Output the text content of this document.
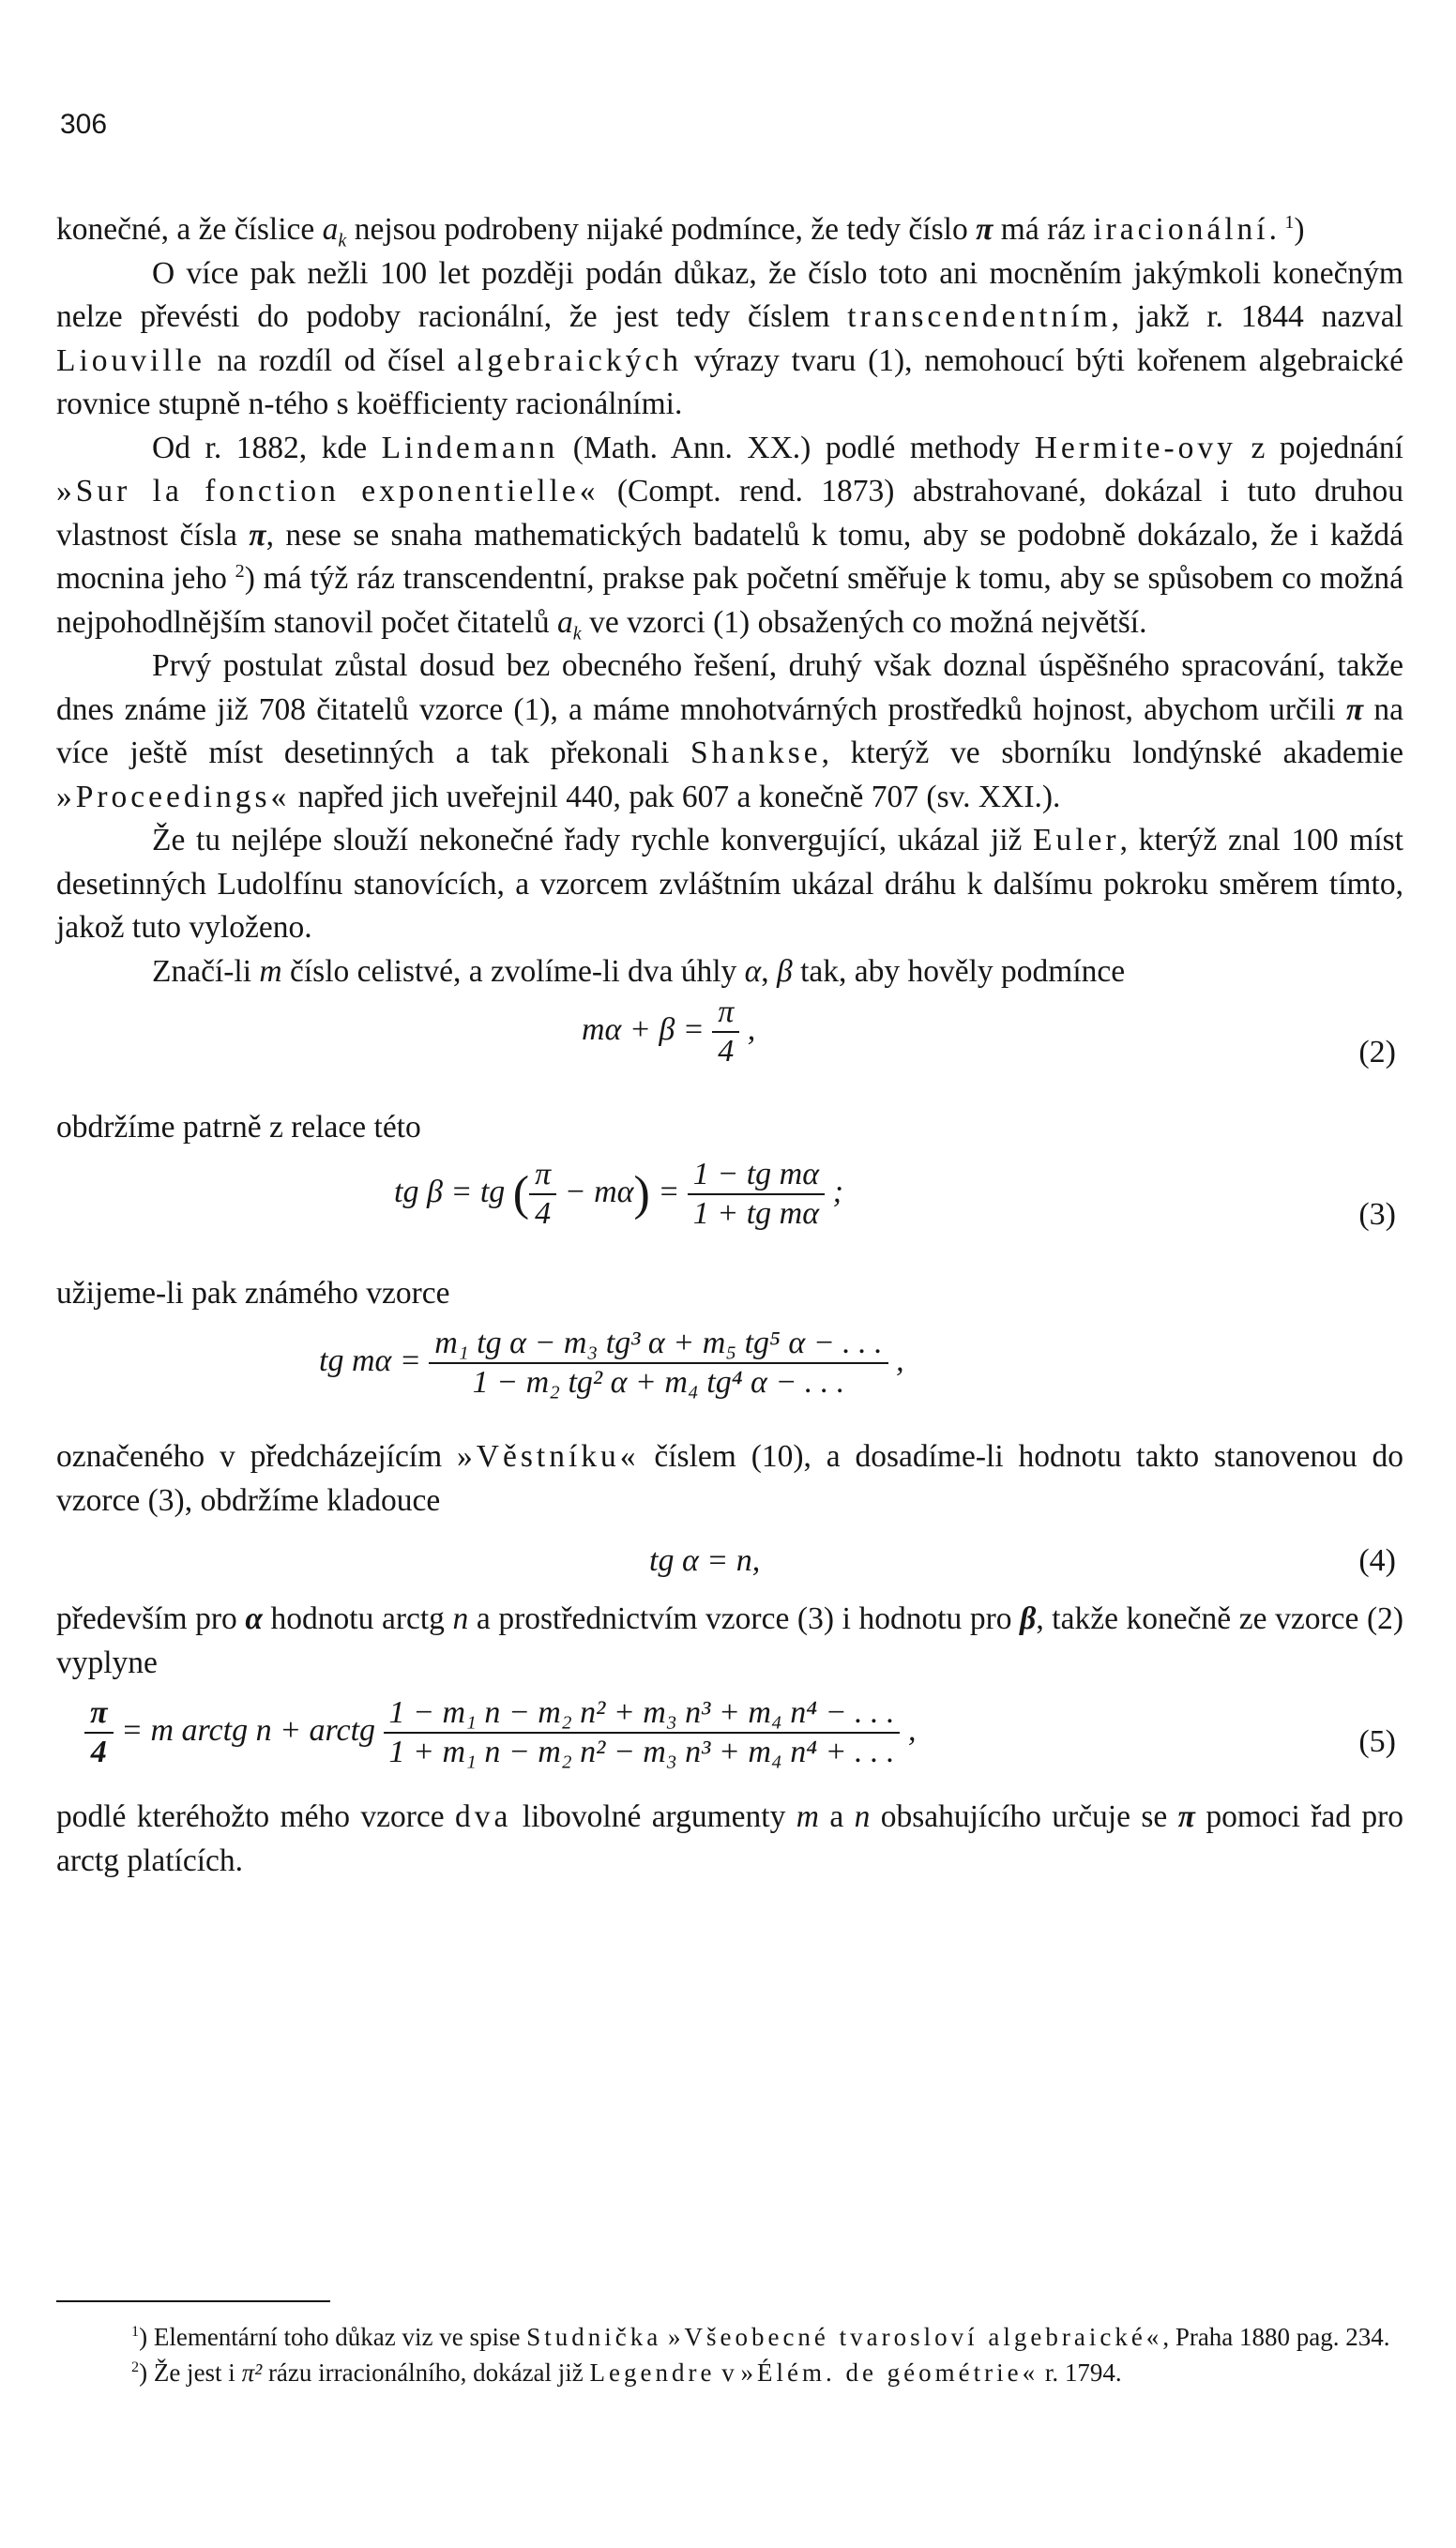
306

konečné, a že číslice $a_k$ nejsou podrobeny nijaké podmínce, že tedy číslo π má ráz iracionální. $^1$)

O více pak nežli 100 let později podán důkaz, že číslo toto ani mocněním jakýmkoli konečným nelze převésti do podoby racionální, že jest tedy číslem transcendentním, jakž r. 1844 nazval Liouville na rozdíl od čísel algebraických výrazy tvaru (1), nemohoucí býti kořenem algebraické rovnice stupně n-tého s koëfficienty racionálními.

Od r. 1882, kde Lindemann (Math. Ann. XX.) podlé methody Hermite-ovy z pojednání »Sur la fonction exponentielle« (Compt. rend. 1873) abstrahované, dokázal i tuto druhou vlastnost čísla π, nese se snaha mathematických badatelů k tomu, aby se podobně dokázalo, že i každá mocnina jeho $^2$) má týž ráz transcendentní, prakse pak početní směřuje k tomu, aby se spůsobem co možná nejpohodlnějším stanovil počet čitatelů $a_k$ ve vzorci (1) obsažených co možná největší.

Prvý postulat zůstal dosud bez obecného řešení, druhý však doznal úspěšného spracování, takže dnes známe již 708 čitatelů vzorce (1), a máme mnohotvárných prostředků hojnost, abychom určili π na více ještě míst desetinných a tak překonali Shankse, kterýž ve sborníku londýnské akademie »Proceedings« napřed jich uveřejnil 440, pak 607 a konečně 707 (sv. XXI.).

Že tu nejlépe slouží nekonečné řady rychle konvergující, ukázal již Euler, kterýž znal 100 míst desetinných Ludolfínu stanovících, a vzorcem zvláštním ukázal dráhu k dalšímu pokroku směrem tímto, jakož tuto vyloženo.

Značí-li m číslo celistvé, a zvolíme-li dva úhly α, β tak, aby hověly podmínce

$m\alpha + \beta = \frac{\pi}{4}$ ,
(2)

obdržíme patrně z relace této

tg β = tg ( $\frac{\pi}{4} - m\alpha) = \frac{\text{1 − tg mα}}{\text{1 + tg mα}}$ ;
(3)

užijeme-li pak známého vzorce

tg $m\alpha = \frac{\text{m₁ tg α − m₃ tg³ α + m₅ tg⁵ α − . . .}}{\text{1 − m₂ tg² α + m₄ tg⁴ α − . . .}}$ ,

označeného v předcházejícím »Věstníku« číslem (10), a dosadíme-li hodnotu takto stanovenou do vzorce (3), obdržíme kladouce

tg α = n,	(4)

především pro α hodnotu arctg n a prostřednictvím vzorce (3) i hodnotu pro β, takže konečně ze vzorce (2) vyplyne

$\frac{\pi}{4} = m$ arctg n + arctg $\frac{\text{1 − m₁ n − m₂ n² + m₃ n³ + m₄ n⁴ − . . .}}{\text{1 + m₁ n − m₂ n² − m₃ n³ + m₄ n⁴ + . . .}}$ ,	(5)

podlé kteréhožto mého vzorce dva libovolné argumenty m a n obsahujícího určuje se π pomoci řad pro arctg platících.

$^1$) Elementární toho důkaz viz ve spise Studnička »Všeobecné tvarosloví algebraické«, Praha 1880 pag. 234.

$^2$) Že jest i π² rázu irracionálního, dokázal již Legendre v »Élém. de géométrie« r. 1794.
